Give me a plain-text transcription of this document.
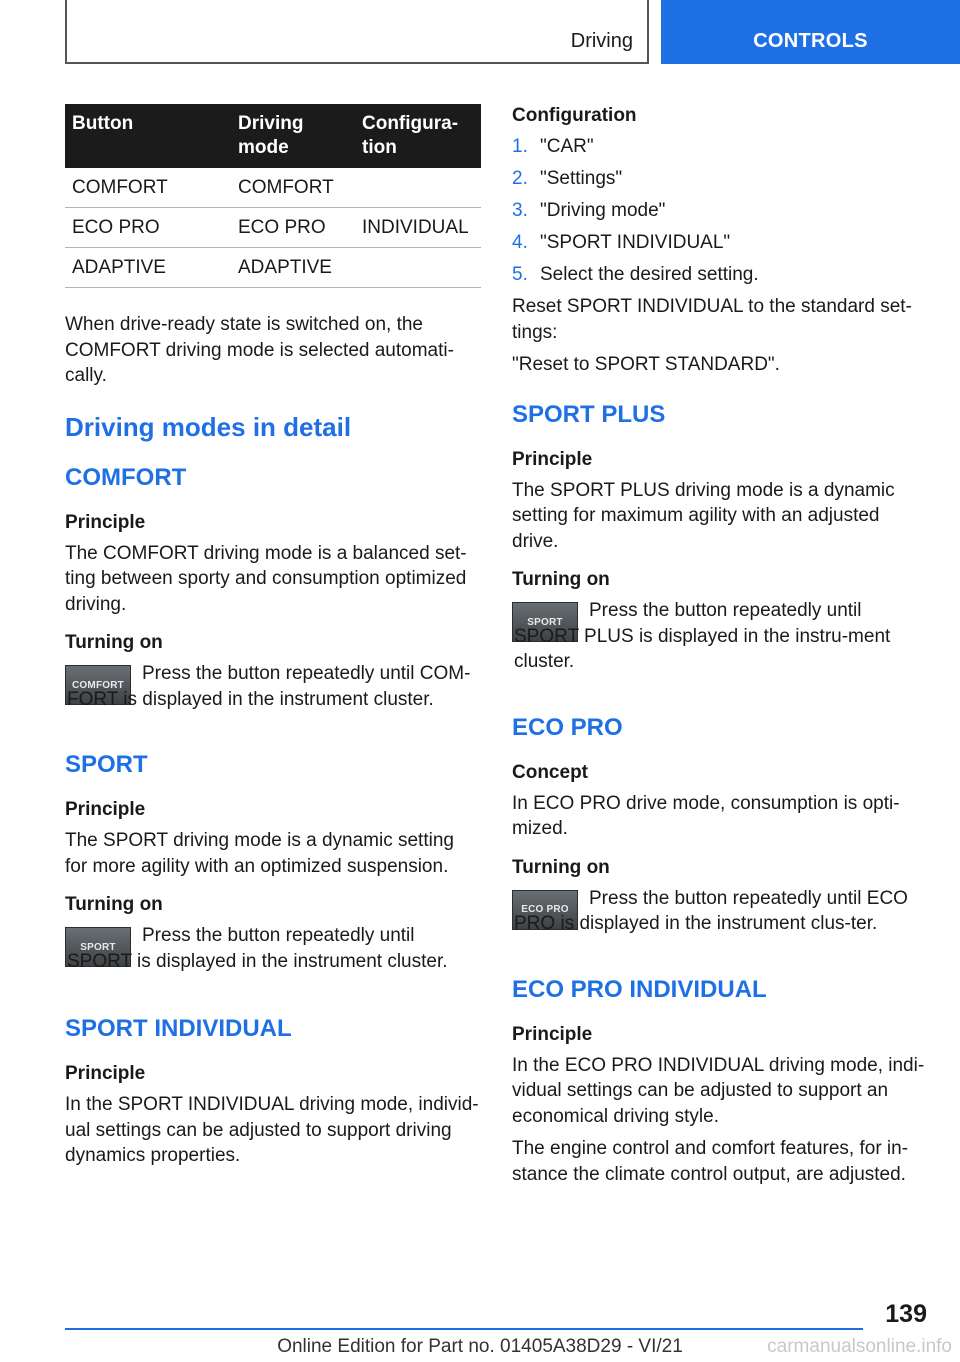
Driving	CONTROLS
Button	Driving mode	Configura-tion
COMFORT	COMFORT	
ECO PRO	ECO PRO	INDIVIDUAL
ADAPTIVE	ADAPTIVE	

When drive-ready state is switched on, the COMFORT driving mode is selected automati-cally.

Driving modes in detail
COMFORT
Principle

The COMFORT driving mode is a balanced set-ting between sporty and consumption optimized driving.

Turning on
COMFORT

Press the button repeatedly until COM-FORT is displayed in the instrument cluster.

SPORT
Principle

The SPORT driving mode is a dynamic setting for more agility with an optimized suspension.

Turning on
SPORT

Press the button repeatedly until SPORT is displayed in the instrument cluster.

SPORT INDIVIDUAL
Principle

In the SPORT INDIVIDUAL driving mode, individ-ual settings can be adjusted to support driving dynamics properties.

Configuration
1. "CAR"
2. "Settings"
3. "Driving mode"
4. "SPORT INDIVIDUAL"
5. Select the desired setting.

Reset SPORT INDIVIDUAL to the standard set-tings:

"Reset to SPORT STANDARD".

SPORT PLUS
Principle

The SPORT PLUS driving mode is a dynamic setting for maximum agility with an adjusted drive.

Turning on
SPORT

Press the button repeatedly until SPORT PLUS is displayed in the instru-ment cluster.

ECO PRO
Concept

In ECO PRO drive mode, consumption is opti-mized.

Turning on
ECO PRO

Press the button repeatedly until ECO PRO is displayed in the instrument clus-ter.

ECO PRO INDIVIDUAL
Principle

In the ECO PRO INDIVIDUAL driving mode, indi-vidual settings can be adjusted to support an economical driving style.

The engine control and comfort features, for in-stance the climate control output, are adjusted.

139
Online Edition for Part no. 01405A38D29 - VI/21	carmanualsonline.info
